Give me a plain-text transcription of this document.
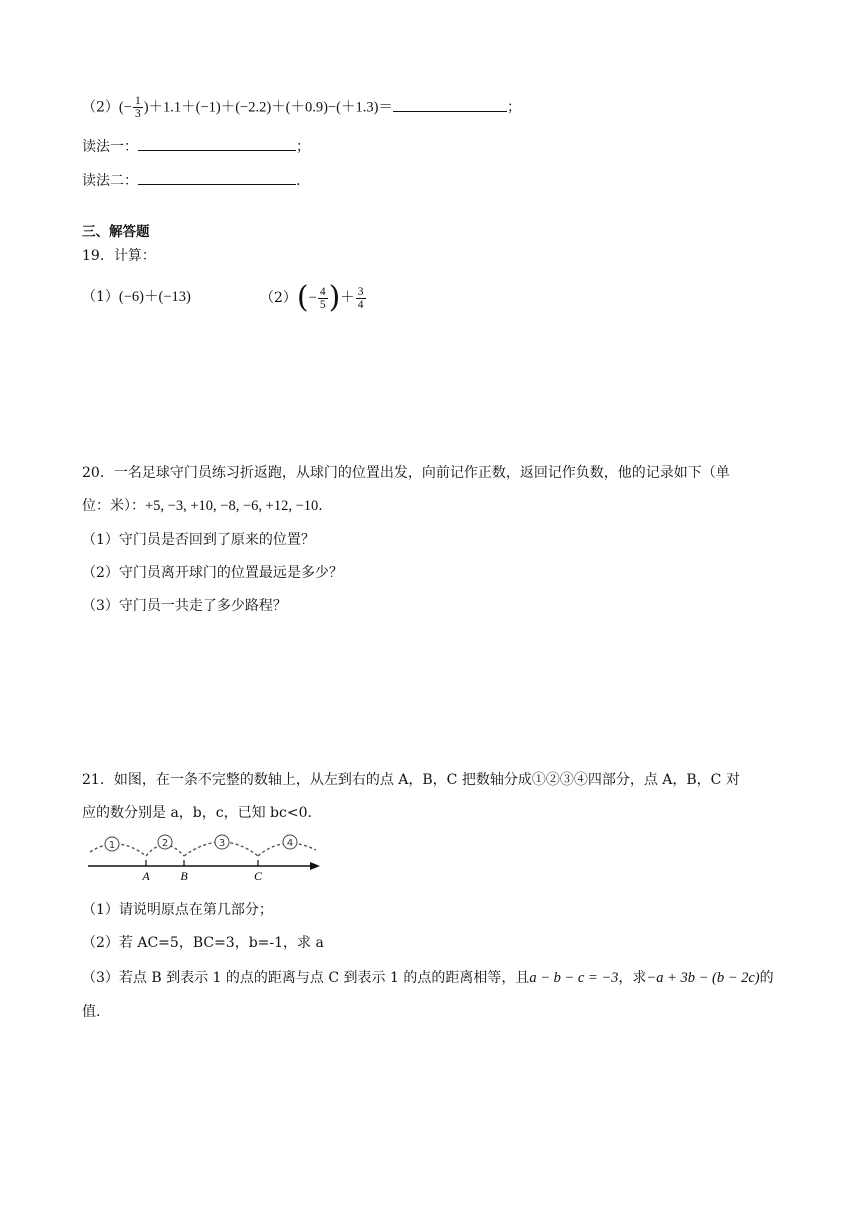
$(2)(- \frac{1}{3} )+1.1+(-1)+(-2.2)+(+0.9)-(+1.3)=$	；
读法一：	；
读法二：	.
三、解答题
19．计算：
（1）(−6)＋(−13)	$(2)(- \frac{4}{5}$ )＋ $\frac{3}{4}$
20．一名足球守门员练习折返跑，从球门的位置出发，向前记作正数，返回记作负数，他的记录如下（单
位：米）：+5, −3, +10, −8, −6, +12, −10.
（1）守门员是否回到了原来的位置？
（2）守门员离开球门的位置最远是多少？
（3）守门员一共走了多少路程？
21．如图，在一条不完整的数轴上，从左到右的点 A，B，C 把数轴分成①②③④四部分，点 A，B，C 对
应的数分别是 a，b，c，已知 bc<0.
1	2	3	4
A	B	C
（1）请说明原点在第几部分；
（2）若 AC=5，BC=3，b=-1，求 a
（3）若点 B 到表示 1 的点的距离与点 C 到表示 1 的点的距离相等，且a − b − c = −3，求−a + 3b − (b − 2c)的
值.
